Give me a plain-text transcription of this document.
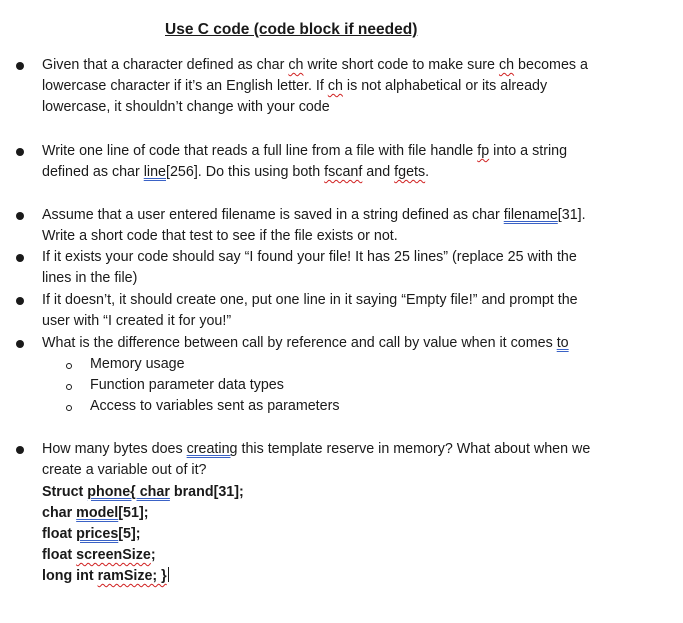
Use C code (code block if needed)
Given that a character defined as char ch write short code to make sure ch becomes a
lowercase character if it’s an English letter. If ch is not alphabetical or its already
lowercase, it shouldn’t change with your code
Write one line of code that reads a full line from a file with file handle fp into a string
defined as char line[256]. Do this using both fscanf and fgets.
Assume that a user entered filename is saved in a string defined as char filename[31].
Write a short code that test to see if the file exists or not.
If it exists your code should say “I found your file! It has 25 lines” (replace 25 with the
lines in the file)
If it doesn’t, it should create one, put one line in it saying “Empty file!” and prompt the
user with “I created it for you!”
What is the difference between call by reference and call by value when it comes to
Memory usage
Function parameter data types
Access to variables sent as parameters
How many bytes does creating this template reserve in memory? What about when we
create a variable out of it?
Struct phone{ char brand[31];
char model[51];
float prices[5];
float screenSize;
long int ramSize; }
